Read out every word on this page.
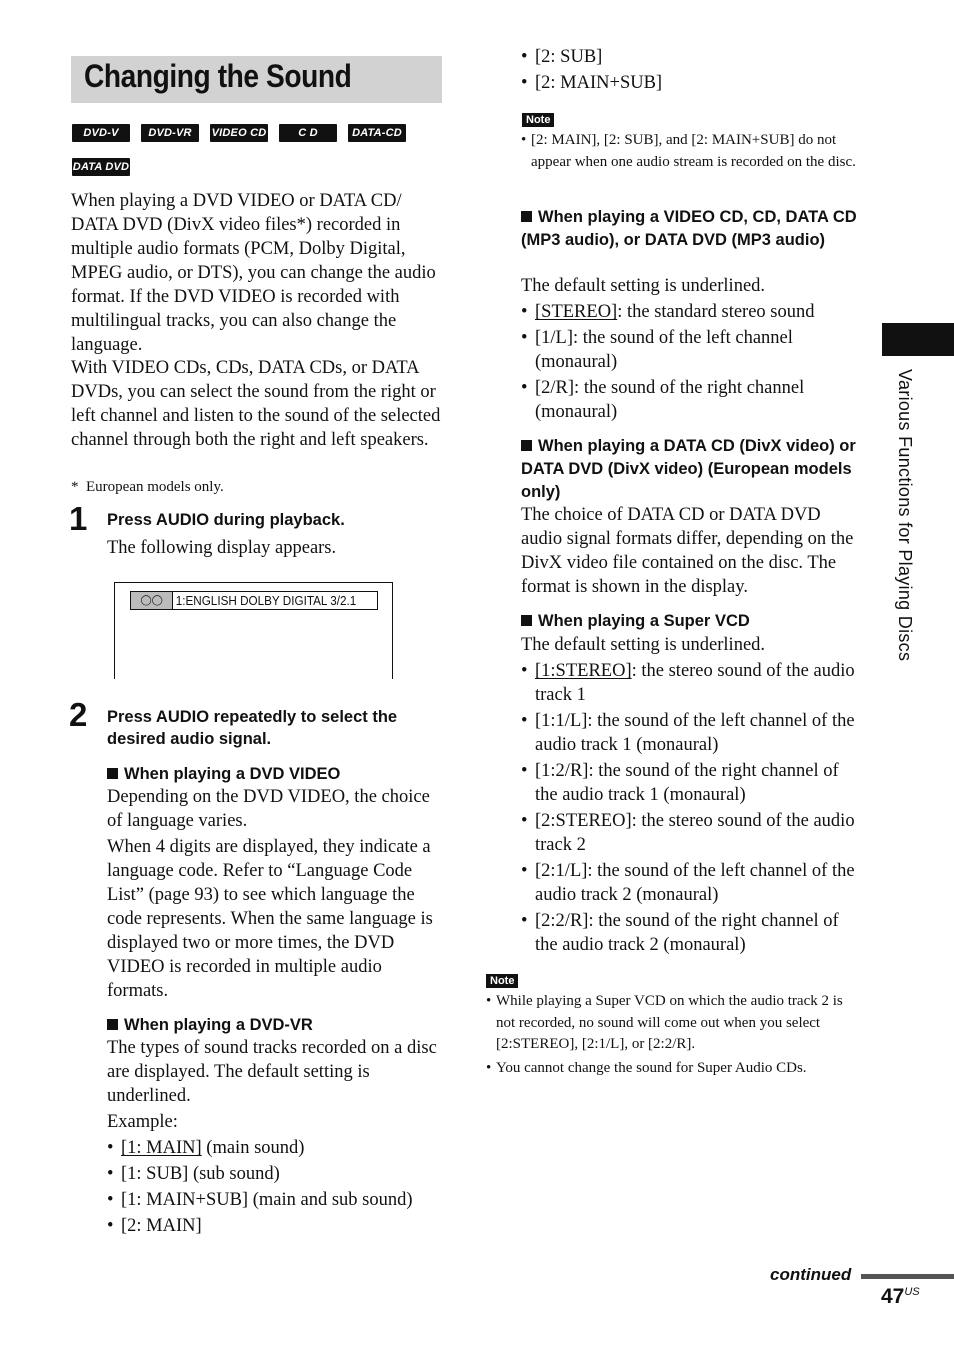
Changing the Sound
DVD-V	DVD-VR	VIDEO CD	C D	DATA-CD
DATA DVD
When playing a DVD VIDEO or DATA CD/ DATA DVD (DivX video files*) recorded in multiple audio formats (PCM, Dolby Digital, MPEG audio, or DTS), you can change the audio format. If the DVD VIDEO is recorded with multilingual tracks, you can also change the language.
With VIDEO CDs, CDs, DATA CDs, or DATA DVDs, you can select the sound from the right or left channel and listen to the sound of the selected channel through both the right and left speakers.
*  European models only.
1 Press AUDIO during playback.
The following display appears.
◯◯	1:ENGLISH DOLBY DIGITAL 3/2.1
2 Press AUDIO repeatedly to select the desired audio signal.
When playing a DVD VIDEO
Depending on the DVD VIDEO, the choice of language varies.
When 4 digits are displayed, they indicate a language code. Refer to “Language Code List” (page 93) to see which language the code represents. When the same language is displayed two or more times, the DVD VIDEO is recorded in multiple audio formats.
When playing a DVD-VR
The types of sound tracks recorded on a disc are displayed. The default setting is underlined.
Example:
• [1: MAIN] (main sound)
• [1: SUB] (sub sound)
• [1: MAIN+SUB] (main and sub sound)
• [2: MAIN]
• [2: SUB]
• [2: MAIN+SUB]
Note
• [2: MAIN], [2: SUB], and [2: MAIN+SUB] do not appear when one audio stream is recorded on the disc.
When playing a VIDEO CD, CD, DATA CD (MP3 audio), or DATA DVD (MP3 audio)
The default setting is underlined.
• [STEREO]: the standard stereo sound
• [1/L]: the sound of the left channel (monaural)
• [2/R]: the sound of the right channel (monaural)
When playing a DATA CD (DivX video) or DATA DVD (DivX video) (European models only)
The choice of DATA CD or DATA DVD audio signal formats differ, depending on the DivX video file contained on the disc. The format is shown in the display.
When playing a Super VCD
The default setting is underlined.
• [1:STEREO]: the stereo sound of the audio track 1
• [1:1/L]: the sound of the left channel of the audio track 1 (monaural)
• [1:2/R]: the sound of the right channel of the audio track 1 (monaural)
• [2:STEREO]: the stereo sound of the audio track 2
• [2:1/L]: the sound of the left channel of the audio track 2 (monaural)
• [2:2/R]: the sound of the right channel of the audio track 2 (monaural)
Note
• While playing a Super VCD on which the audio track 2 is not recorded, no sound will come out when you select [2:STEREO], [2:1/L], or [2:2/R].
• You cannot change the sound for Super Audio CDs.
Various Functions for Playing Discs
continued
$47^{US}$
